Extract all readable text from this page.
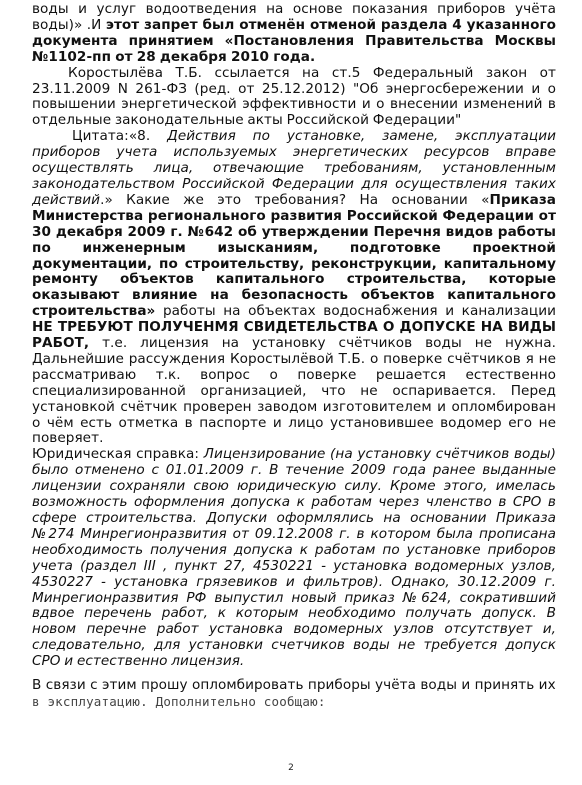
воды и услуг водоотведения на основе показания приборов учёта воды)» .И этот запрет был отменён отменой раздела 4 указанного документа принятием «Постановления Правительства Москвы №1102-пп от 28 декабря 2010 года.

Коростылёва Т.Б. ссылается на ст.5 Федеральный закон от 23.11.2009 N 261-ФЗ (ред. от 25.12.2012) "Об энергосбережении и о повышении энергетической эффективности и о внесении изменений в отдельные законодательные акты Российской Федерации"

Цитата:«8. Действия по установке, замене, эксплуатации приборов учета используемых энергетических ресурсов вправе осуществлять лица, отвечающие требованиям, установленным законодательством Российской Федерации для осуществления таких действий.» Какие же это требования? На основании «Приказа Министерства регионального развития Российской Федерации от 30 декабря 2009 г. №642 об утверждении Перечня видов работы по инженерным изысканиям, подготовке проектной документации, по строительству, реконструкции, капитальному ремонту объектов капитального строительства, которые оказывают влияние на безопасность объектов капитального строительства» работы на объектах водоснабжения и канализации НЕ ТРЕБУЮТ ПОЛУЧЕНМЯ СВИДЕТЕЛЬСТВА О ДОПУСКЕ НА ВИДЫ РАБОТ, т.е. лицензия на установку счётчиков воды не нужна. Дальнейшие рассуждения Коростылёвой Т.Б. о поверке счётчиков я не рассматриваю т.к. вопрос о поверке решается естественно специализированной организацией, что не оспаривается. Перед установкой счётчик проверен заводом изготовителем и опломбирован о чём есть отметка в паспорте и лицо установившее водомер его не поверяет.

Юридическая справка: Лицензирование (на установку счётчиков воды) было отменено с 01.01.2009 г. В течение 2009 года ранее выданные лицензии сохраняли свою юридическую силу. Кроме этого, имелась возможность оформления допуска к работам через членство в СРО в сфере строительства. Допуски оформлялись на основании Приказа №274 Минрегионразвития от 09.12.2008 г. в котором была прописана необходимость получения допуска к работам по установке приборов учета (раздел III , пункт 27, 4530221 - установка водомерных узлов, 4530227 - установка грязевиков и фильтров). Однако, 30.12.2009 г. Минрегионразвития РФ выпустил новый приказ №624, сокративший вдвое перечень работ, к которым необходимо получать допуск. В новом перечне работ установка водомерных узлов отсутствует и, следовательно, для установки счетчиков воды не требуется допуск СРО и естественно лицензия.

В связи с этим прошу опломбировать приборы учёта воды и принять их
в эксплуатацию. Дополнительно сообщаю:

2
